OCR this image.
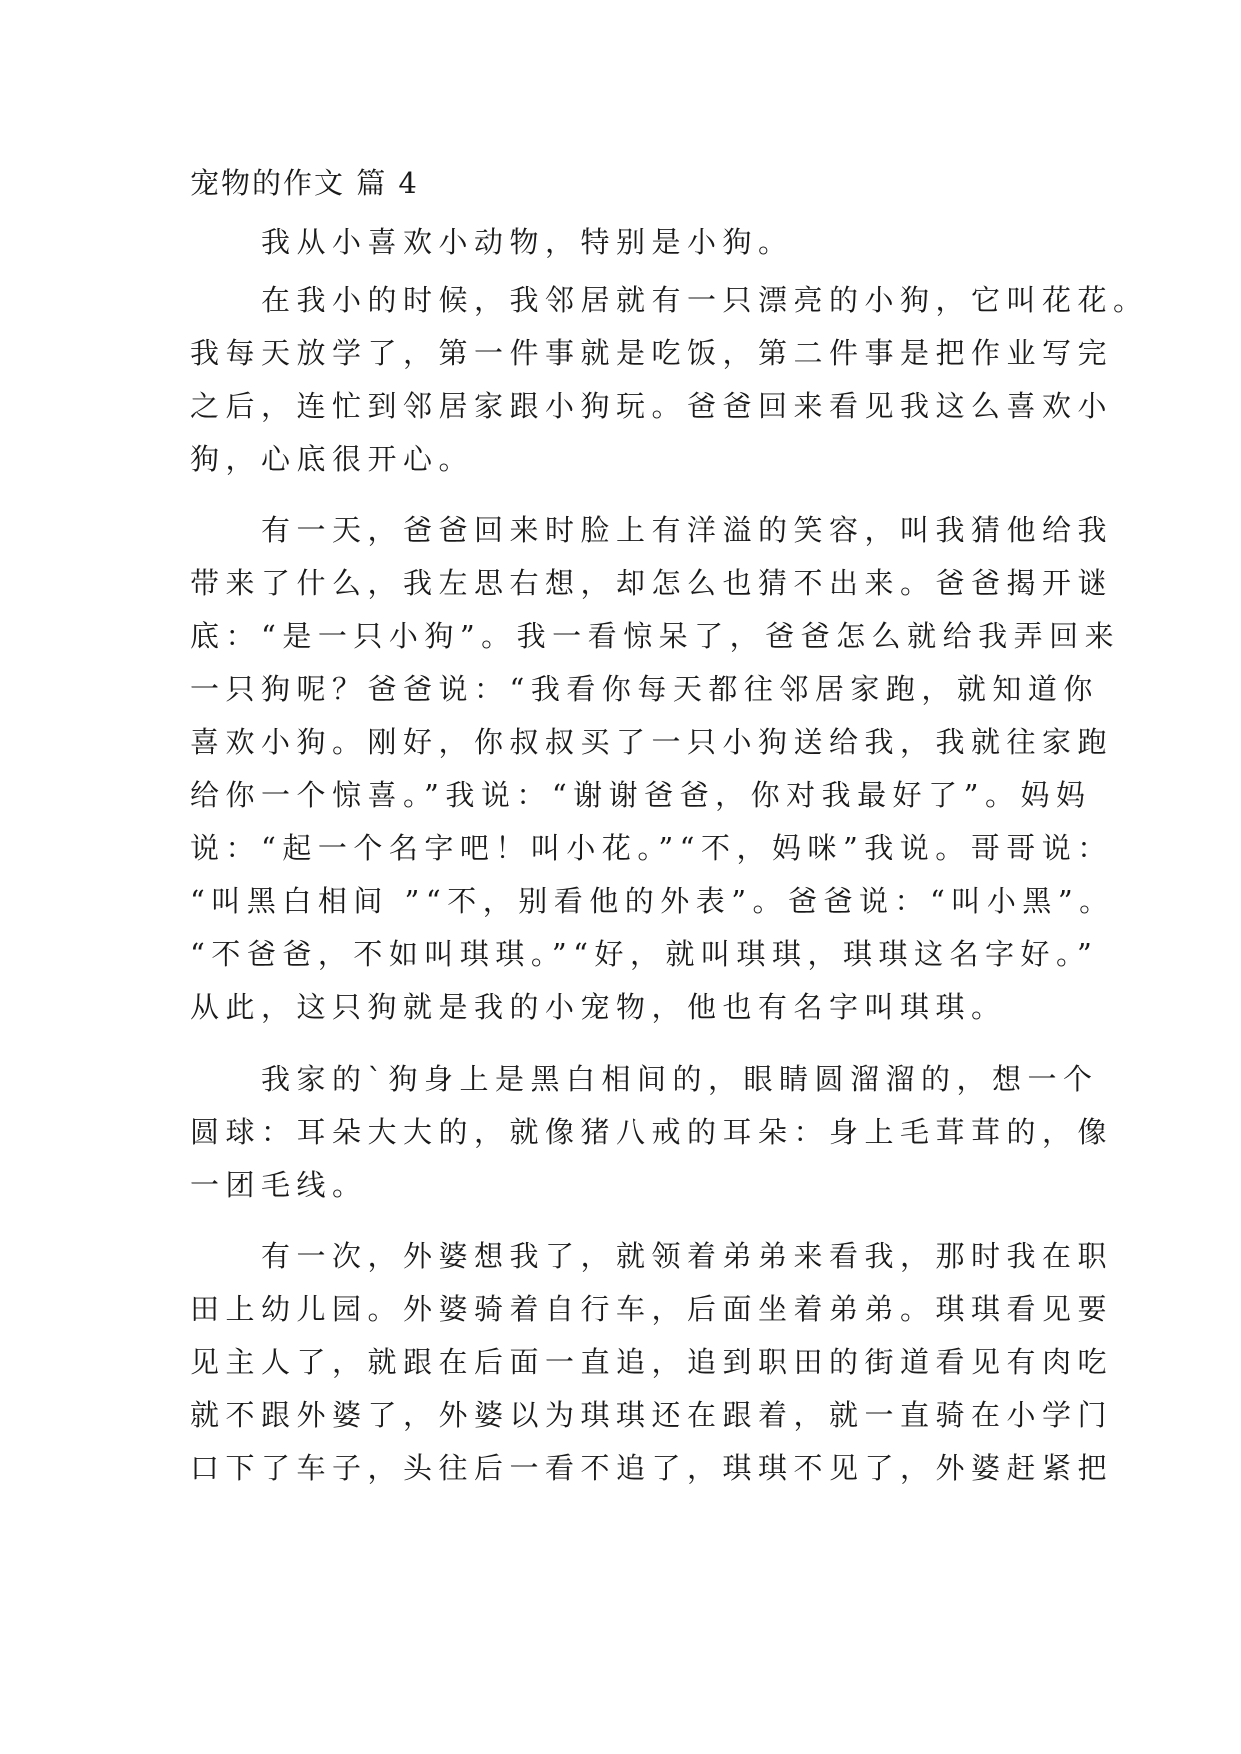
宠物的作文 篇 4
　　我从小喜欢小动物，特别是小狗。
　　在我小的时候，我邻居就有一只漂亮的小狗，它叫花花。
我每天放学了，第一件事就是吃饭，第二件事是把作业写完
之后，连忙到邻居家跟小狗玩。爸爸回来看见我这么喜欢小
狗，心底很开心。
　　有一天，爸爸回来时脸上有洋溢的笑容，叫我猜他给我
带来了什么，我左思右想，却怎么也猜不出来。爸爸揭开谜
底：“是一只小狗”。我一看惊呆了，爸爸怎么就给我弄回来
一只狗呢？爸爸说：“我看你每天都往邻居家跑，就知道你
喜欢小狗。刚好，你叔叔买了一只小狗送给我，我就往家跑
给你一个惊喜。”我说：“谢谢爸爸，你对我最好了”。妈妈
说：“起一个名字吧！叫小花。”“不，妈咪”我说。哥哥说：
“叫黑白相间 ”“不，别看他的外表”。爸爸说：“叫小黑”。
“不爸爸，不如叫琪琪。”“好，就叫琪琪，琪琪这名字好。”
从此，这只狗就是我的小宠物，他也有名字叫琪琪。
　　我家的`狗身上是黑白相间的，眼睛圆溜溜的，想一个
圆球：耳朵大大的，就像猪八戒的耳朵：身上毛茸茸的，像
一团毛线。
　　有一次，外婆想我了，就领着弟弟来看我，那时我在职
田上幼儿园。外婆骑着自行车，后面坐着弟弟。琪琪看见要
见主人了，就跟在后面一直追，追到职田的街道看见有肉吃
就不跟外婆了，外婆以为琪琪还在跟着，就一直骑在小学门
口下了车子，头往后一看不追了，琪琪不见了，外婆赶紧把
